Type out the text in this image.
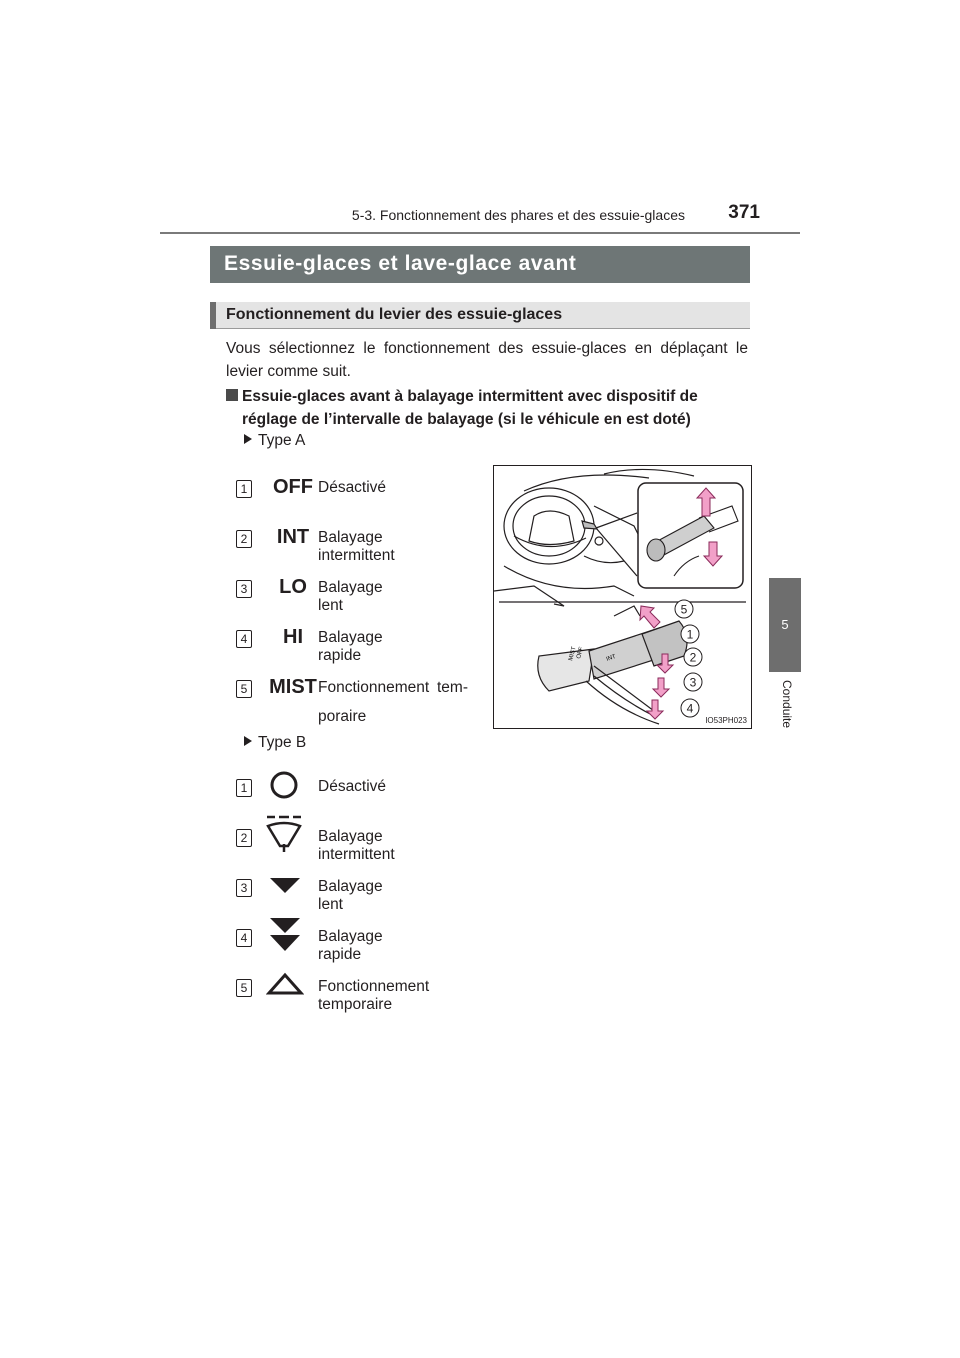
5-3. Fonctionnement des phares et des essuie-glaces	371
5
Conduite
Essuie-glaces et lave-glace avant
Fonctionnement du levier des essuie-glaces
Vous sélectionnez le fonctionnement des essuie-glaces en déplaçant le levier comme suit.
Essuie-glaces avant à balayage intermittent avec dispositif de réglage de l’intervalle de balayage (si le véhicule en est doté)
Type A
1	OFF Désactivé
2	INT Balayage intermittent
3	LO Balayage lent
4	HI Balayage rapide
5	MIST Fonctionnement tem-
poraire
MIST
OFF	INT
5
1
2
3
4
IO53PH023
Type B
1	Désactivé
2	Balayage intermittent
3	Balayage lent
4	Balayage rapide
5	Fonctionnement temporaire
